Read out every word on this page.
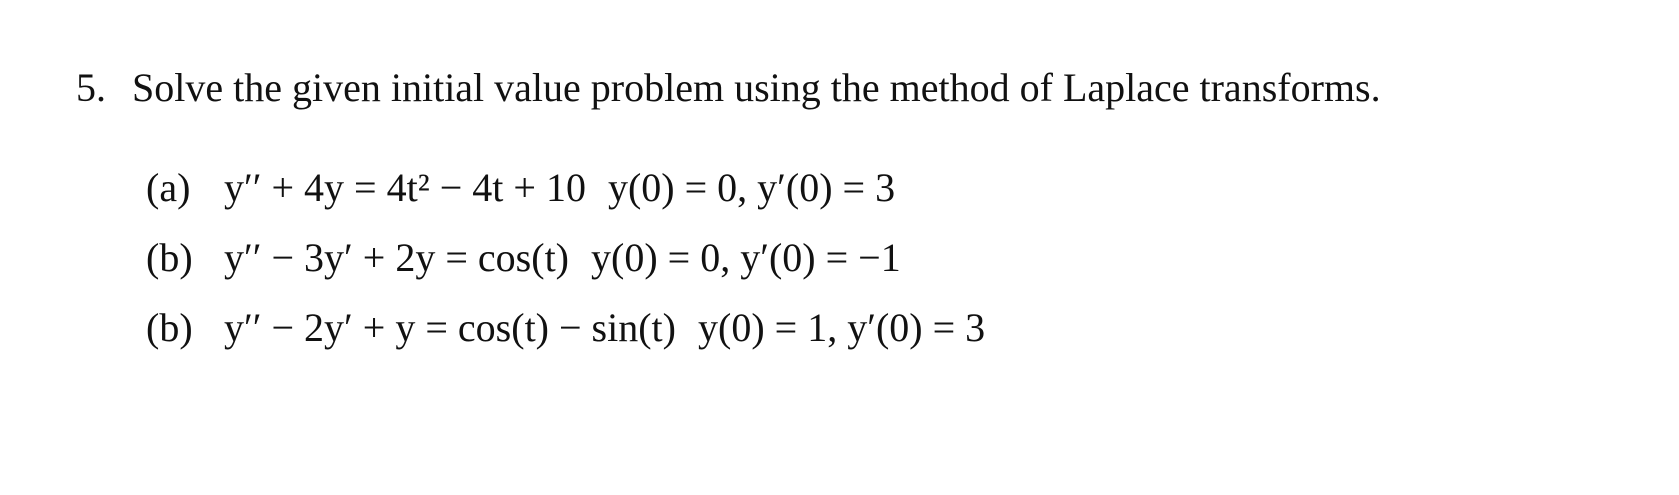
5. Solve the given initial value problem using the method of Laplace transforms.
(a) y′′ + 4y = 4t² − 4t + 10 y(0) = 0, y′(0) = 3
(b) y′′ − 3y′ + 2y = cos(t) y(0) = 0, y′(0) = −1
(b) y′′ − 2y′ + y = cos(t) − sin(t) y(0) = 1, y′(0) = 3
